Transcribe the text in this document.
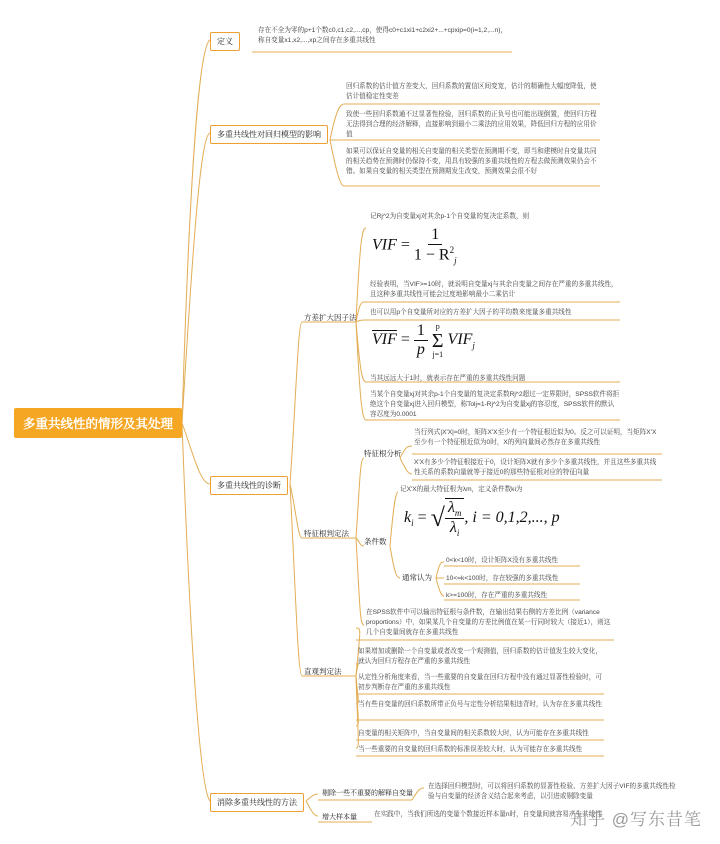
多重共线性的情形及其处理
定义
存在不全为零的p+1个数c0,c1,c2,...,cp，使得c0+c1xi1+c2xi2+...+cpxip=0(i=1,2,...n)，称自变量x1,x2,...,xp之间存在多重共线性
多重共线性对回归模型的影响
回归系数的估计值方差变大，回归系数的置信区间变宽，估计的精确性大幅度降低，使估计值稳定性变差
致使一些回归系数通不过显著性检验，回归系数的正负号也可能出现倒置，使回归方程无法得到合理的经济解释，直接影响到最小二乘法的应用效果，降低回归方程的应用价值
如果可以保证自变量的相关自变量的相关类型在预测期不变，即当和建模时自变量共同的相关趋势在预测时仍保持不变，用具有较强的多重共线性的方程去做预测效果仍会不错。如果自变量的相关类型在预测期发生改变，预测效果会很不好
多重共线性的诊断
方差扩大因子法
记Rj^2为自变量xj对其余p-1个自变量的复决定系数，则
VIF = $\frac{1}{1 - R^2_j}$
经验表明，当VIF>=10时，就说明自变量xj与其余自变量之间存在严重的多重共线性，且这种多重共线性可能会过度地影响最小二乘估计
也可以用p个自变量所对应的方差扩大因子的平均数来度量多重共线性
$\overline{VIF} = \frac{1}{p}$
p
Σ
j=1
$VIF_j$
当其远远大于1时，就表示存在严重的多重共线性问题
当某个自变量xj对其余p-1个自变量的复决定系数Rj^2超过一定界限时，SPSS软件将拒绝这个自变量xj进入回归模型，称Tolj=1-Rj^2为自变量xj的容忍度，SPSS软件的默认容忍度为0.0001
特征根判定法
特征根分析
当行列式|X'X|≈0时，矩阵X'X至少有一个特征根近似为0。反之可以证明，当矩阵X'X至少有一个特征根近似为0时，X的列向量间必然存在多重共线性
X'X有多少个特征根接近于0，设计矩阵X就有多少个多重共线性，并且这些多重共线性关系的系数向量就等于接近0的那些特征根对应的特征向量
条件数
记X'X的最大特征根为λm，定义条件数ki为
$k_i$ = √ $\frac{\lambda_m}{\lambda_i}$ , i = 0,1,2,..., p
通常认为
0<k<10时，设计矩阵X没有多重共线性
10<=k<100时，存在较强的多重共线性
k>=100时，存在严重的多重共线性
在SPSS软件中可以输出特征根与条件数，在输出结果右侧的方差比例（variance proportions）中，如果某几个自变量的方差比例值在某一行同时较大（接近1），则这几个自变量间就存在多重共线性
直观判定法
如果增加或删除一个自变量或者改变一个观测值，回归系数的估计值发生较大变化，就认为回归方程存在严重的多重共线性
从定性分析角度来看，当一些重要的自变量在回归方程中没有通过显著性检验时，可初步判断存在严重的多重共线性
当有些自变量的回归系数所带正负号与定性分析结果相违背时，认为存在多重共线性
自变量的相关矩阵中，当自变量间的相关系数较大时，认为可能存在多重共线性
当一些重要的自变量的回归系数的标准误差较大时，认为可能存在多重共线性
消除多重共线性的方法
剔除一些不重要的解释自变量
在选择回归模型时，可以将回归系数的显著性检验、方差扩大因子VIF的多重共线性检验与自变量的经济含义结合起来考虑，以引进或剔除变量
增大样本量	在实践中，当我们所选的变量个数接近样本量n时，自变量间就容易产生共线性
知乎 @写东昔笔
